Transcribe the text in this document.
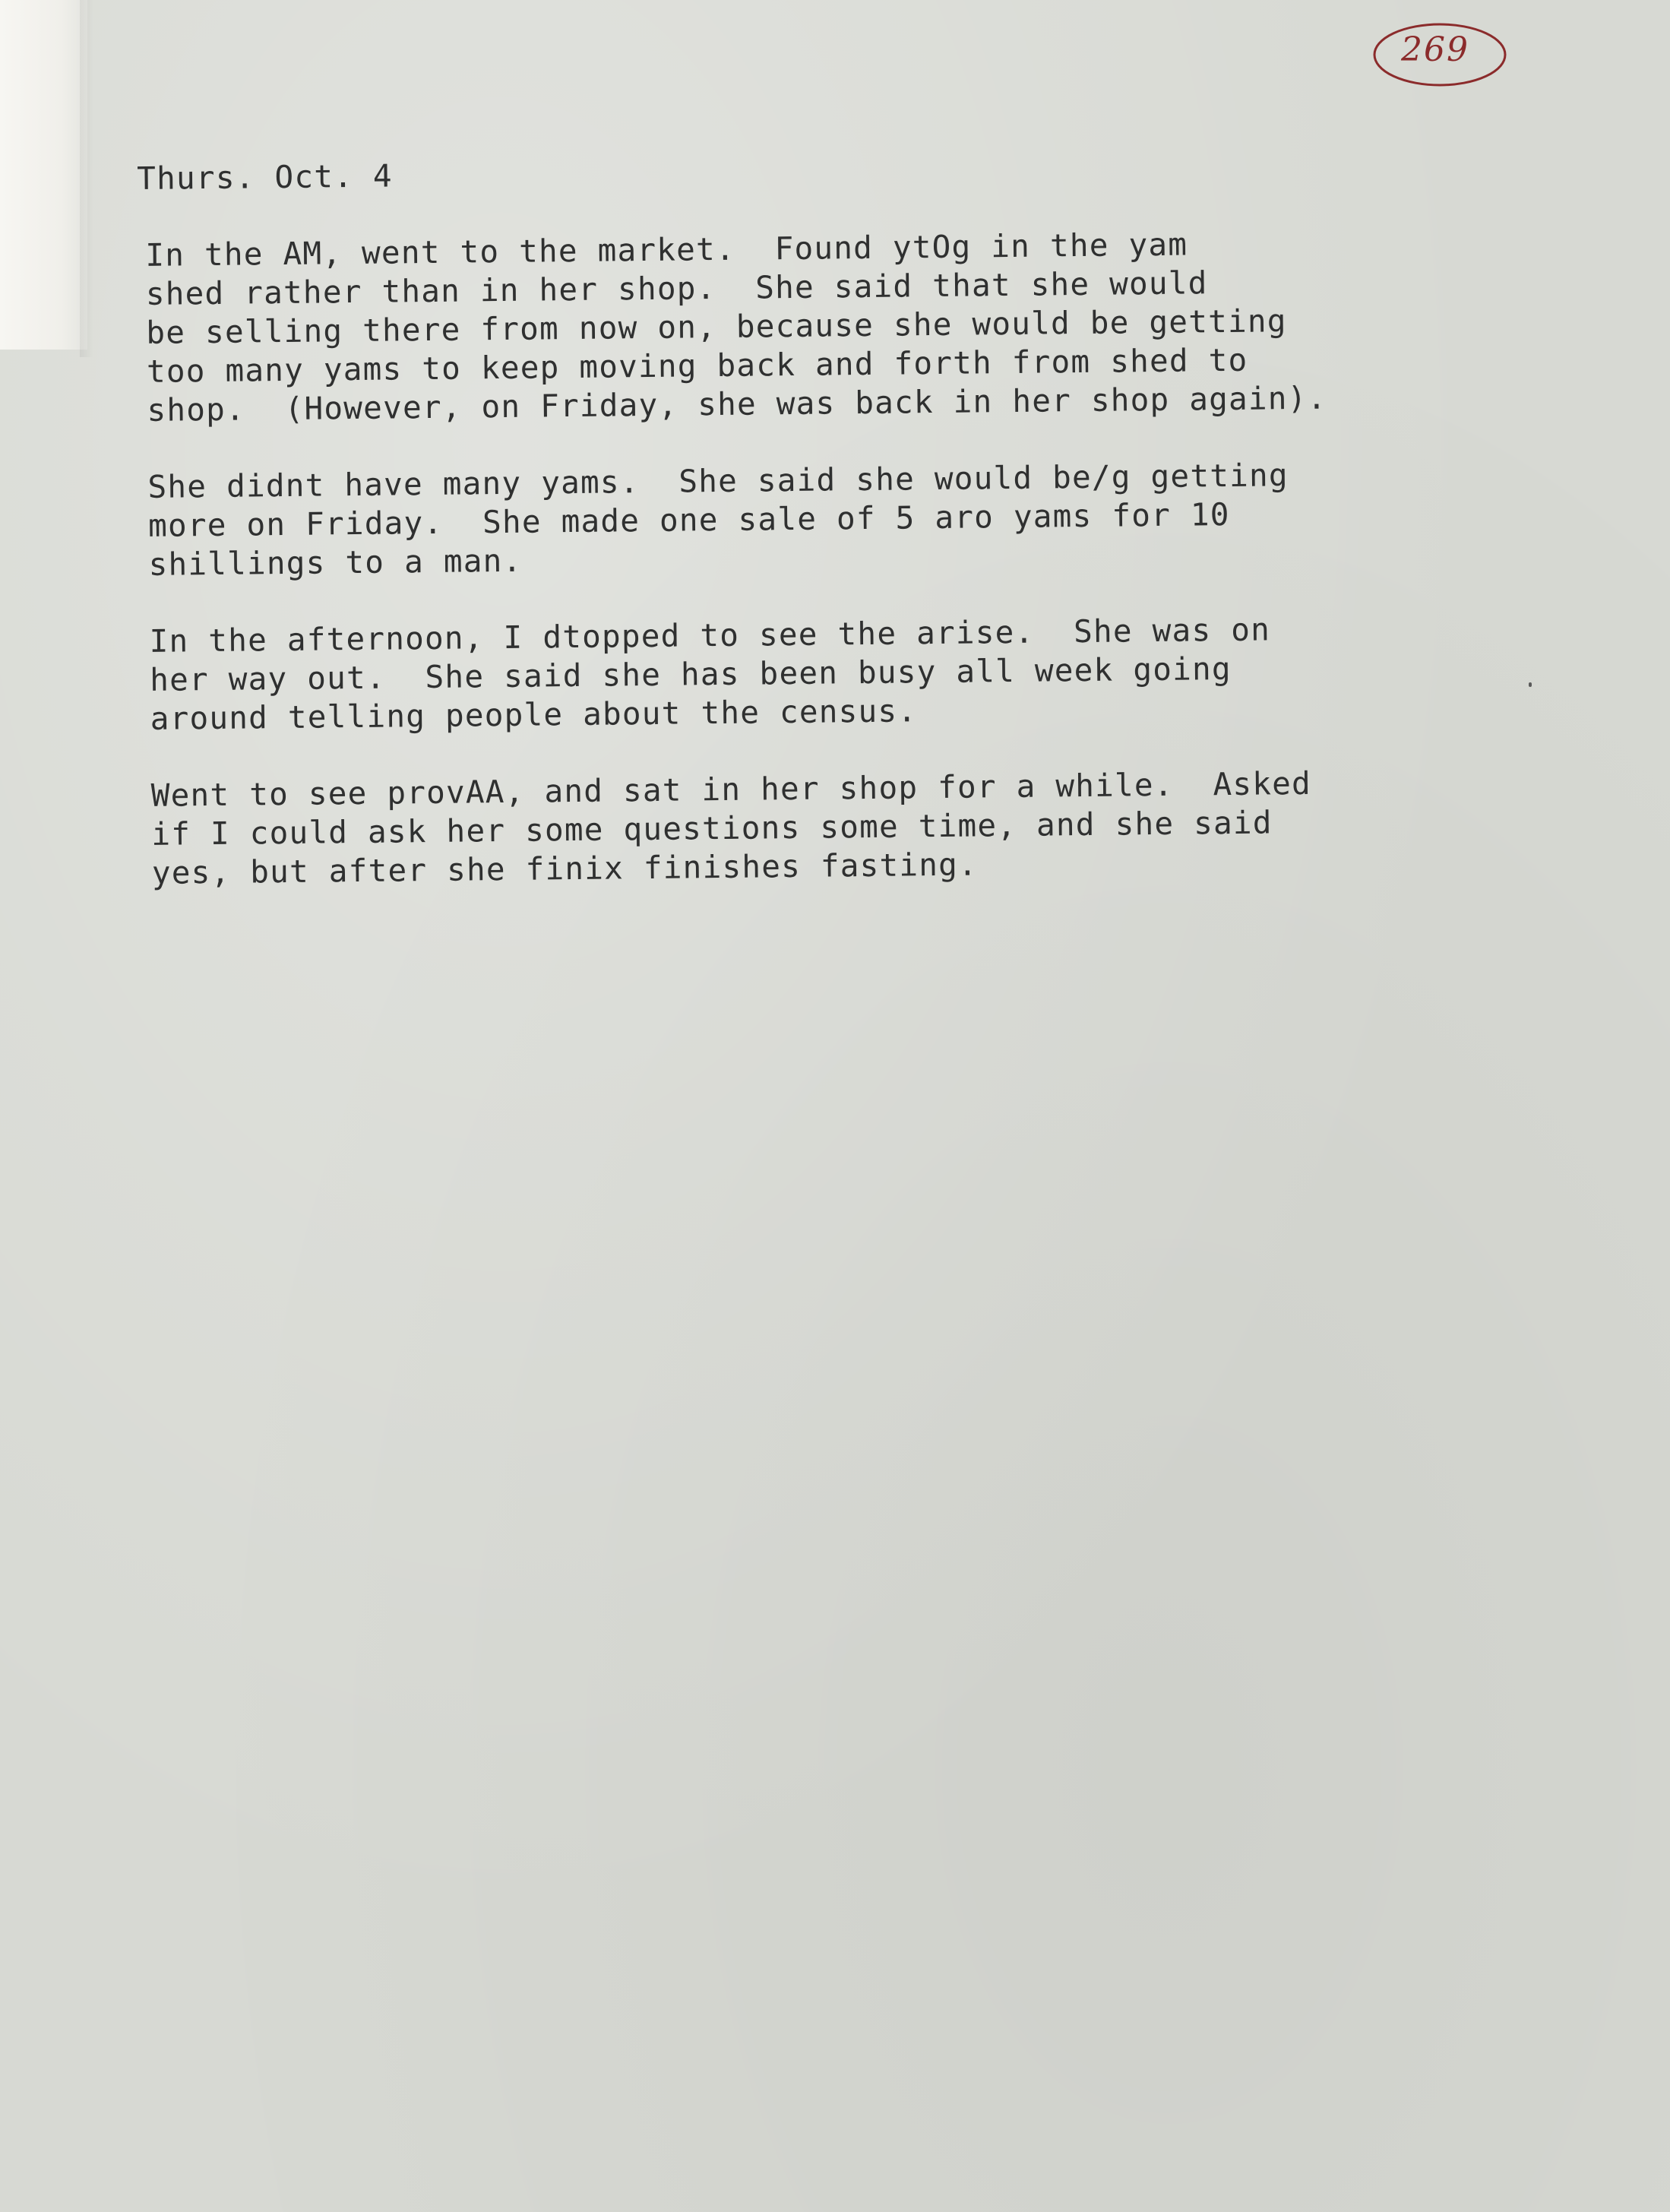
269
Thurs. Oct. 4
In the AM, went to the market.  Found ytOg in the yam
shed rather than in her shop.  She said that she would
be selling there from now on, because she would be getting
too many yams to keep moving back and forth from shed to
shop.  (However, on Friday, she was back in her shop again).
She didnt have many yams.  She said she would be/g getting
more on Friday.  She made one sale of 5 aro yams for 10
shillings to a man.
In the afternoon, I dtopped to see the arise.  She was on
her way out.  She said she has been busy all week going
around telling people about the census.
Went to see provAA, and sat in her shop for a while.  Asked
if I could ask her some questions some time, and she said
yes, but after she finix finishes fasting.
